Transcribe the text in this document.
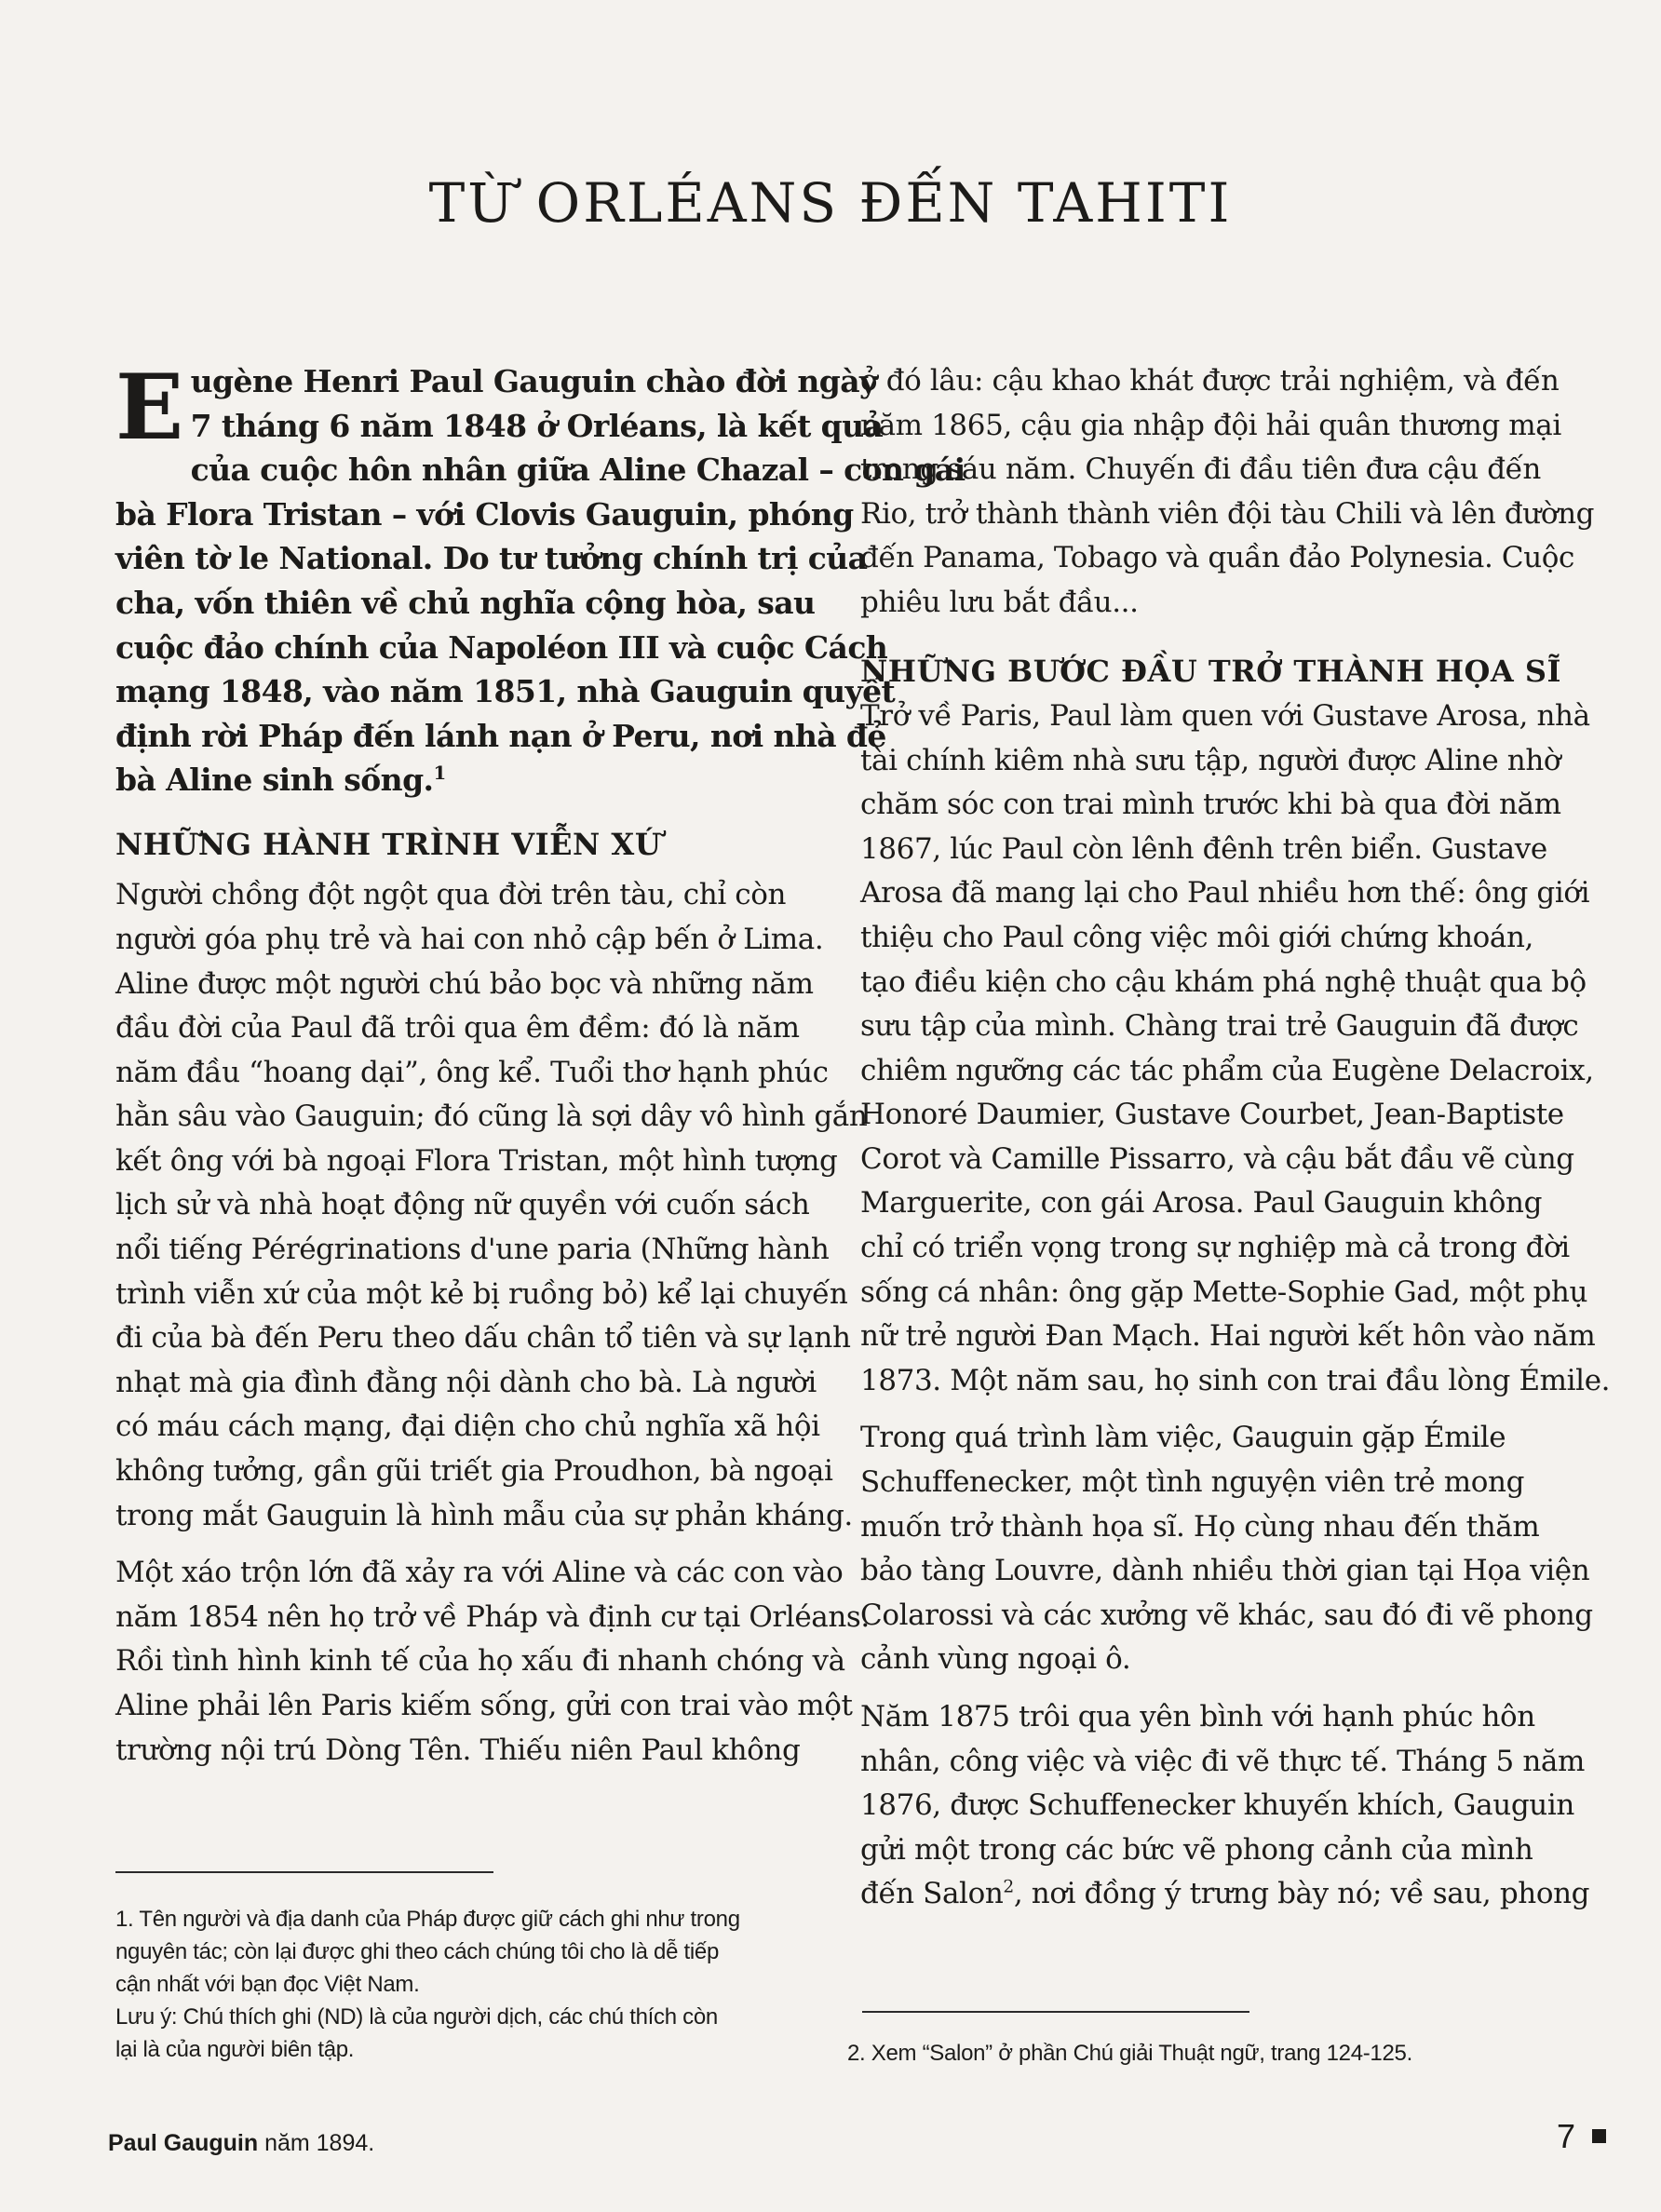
TỪ ORLÉANS ĐẾN TAHITI

E ugène Henri Paul Gauguin chào đời ngày
7 tháng 6 năm 1848 ở Orléans, là kết quả
của cuộc hôn nhân giữa Aline Chazal – con gái
bà Flora Tristan – với Clovis Gauguin, phóng
viên tờ le National. Do tư tưởng chính trị của
cha, vốn thiên về chủ nghĩa cộng hòa, sau
cuộc đảo chính của Napoléon III và cuộc Cách
mạng 1848, vào năm 1851, nhà Gauguin quyết
định rời Pháp đến lánh nạn ở Peru, nơi nhà đẻ
bà Aline sinh sống.$^1$

NHỮNG HÀNH TRÌNH VIỄN XỨ

Người chồng đột ngột qua đời trên tàu, chỉ còn
người góa phụ trẻ và hai con nhỏ cập bến ở Lima.
Aline được một người chú bảo bọc và những năm
đầu đời của Paul đã trôi qua êm đềm: đó là năm
năm đầu “hoang dại”, ông kể. Tuổi thơ hạnh phúc
hằn sâu vào Gauguin; đó cũng là sợi dây vô hình gắn
kết ông với bà ngoại Flora Tristan, một hình tượng
lịch sử và nhà hoạt động nữ quyền với cuốn sách
nổi tiếng Pérégrinations d'une paria (Những hành
trình viễn xứ của một kẻ bị ruồng bỏ) kể lại chuyến
đi của bà đến Peru theo dấu chân tổ tiên và sự lạnh
nhạt mà gia đình đằng nội dành cho bà. Là người
có máu cách mạng, đại diện cho chủ nghĩa xã hội
không tưởng, gần gũi triết gia Proudhon, bà ngoại
trong mắt Gauguin là hình mẫu của sự phản kháng.

Một xáo trộn lớn đã xảy ra với Aline và các con vào
năm 1854 nên họ trở về Pháp và định cư tại Orléans.
Rồi tình hình kinh tế của họ xấu đi nhanh chóng và
Aline phải lên Paris kiếm sống, gửi con trai vào một
trường nội trú Dòng Tên. Thiếu niên Paul không

ở đó lâu: cậu khao khát được trải nghiệm, và đến
năm 1865, cậu gia nhập đội hải quân thương mại
trong sáu năm. Chuyến đi đầu tiên đưa cậu đến
Rio, trở thành thành viên đội tàu Chili và lên đường
đến Panama, Tobago và quần đảo Polynesia. Cuộc
phiêu lưu bắt đầu...

NHỮNG BƯỚC ĐẦU TRỞ THÀNH HỌA SĨ

Trở về Paris, Paul làm quen với Gustave Arosa, nhà
tài chính kiêm nhà sưu tập, người được Aline nhờ
chăm sóc con trai mình trước khi bà qua đời năm
1867, lúc Paul còn lênh đênh trên biển. Gustave
Arosa đã mang lại cho Paul nhiều hơn thế: ông giới
thiệu cho Paul công việc môi giới chứng khoán,
tạo điều kiện cho cậu khám phá nghệ thuật qua bộ
sưu tập của mình. Chàng trai trẻ Gauguin đã được
chiêm ngưỡng các tác phẩm của Eugène Delacroix,
Honoré Daumier, Gustave Courbet, Jean-Baptiste
Corot và Camille Pissarro, và cậu bắt đầu vẽ cùng
Marguerite, con gái Arosa. Paul Gauguin không
chỉ có triển vọng trong sự nghiệp mà cả trong đời
sống cá nhân: ông gặp Mette-Sophie Gad, một phụ
nữ trẻ người Đan Mạch. Hai người kết hôn vào năm
1873. Một năm sau, họ sinh con trai đầu lòng Émile.

Trong quá trình làm việc, Gauguin gặp Émile
Schuffenecker, một tình nguyện viên trẻ mong
muốn trở thành họa sĩ. Họ cùng nhau đến thăm
bảo tàng Louvre, dành nhiều thời gian tại Họa viện
Colarossi và các xưởng vẽ khác, sau đó đi vẽ phong
cảnh vùng ngoại ô.

Năm 1875 trôi qua yên bình với hạnh phúc hôn
nhân, công việc và việc đi vẽ thực tế. Tháng 5 năm
1876, được Schuffenecker khuyến khích, Gauguin
gửi một trong các bức vẽ phong cảnh của mình
đến Salon$^2$, nơi đồng ý trưng bày nó; về sau, phong

1. Tên người và địa danh của Pháp được giữ cách ghi như trong
nguyên tác; còn lại được ghi theo cách chúng tôi cho là dễ tiếp
cận nhất với bạn đọc Việt Nam.
Lưu ý: Chú thích ghi (ND) là của người dịch, các chú thích còn
lại là của người biên tập.	2. Xem “Salon” ở phần Chú giải Thuật ngữ, trang 124-125.
Paul Gauguin năm 1894.	7
